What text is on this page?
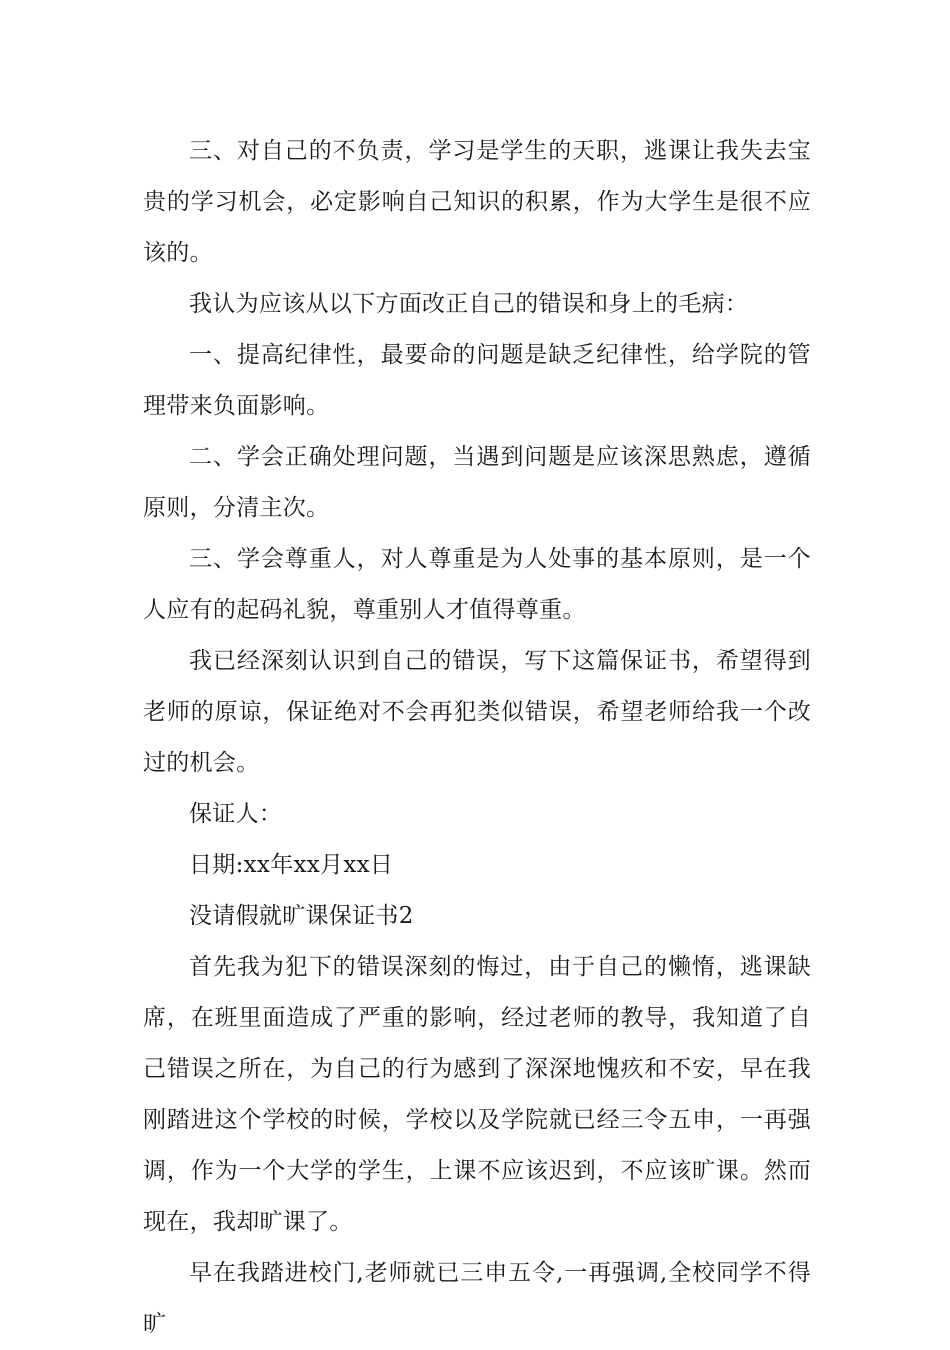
三、对自己的不负责，学习是学生的天职，逃课让我失去宝贵的学习机会，必定影响自己知识的积累，作为大学生是很不应该的。

我认为应该从以下方面改正自己的错误和身上的毛病：

一、提高纪律性，最要命的问题是缺乏纪律性，给学院的管理带来负面影响。

二、学会正确处理问题，当遇到问题是应该深思熟虑，遵循原则，分清主次。

三、学会尊重人，对人尊重是为人处事的基本原则，是一个人应有的起码礼貌，尊重别人才值得尊重。

我已经深刻认识到自己的错误，写下这篇保证书，希望得到老师的原谅，保证绝对不会再犯类似错误，希望老师给我一个改过的机会。

保证人：

日期:xx年xx月xx日

没请假就旷课保证书2

首先我为犯下的错误深刻的悔过，由于自己的懒惰，逃课缺席，在班里面造成了严重的影响，经过老师的教导，我知道了自己错误之所在，为自己的行为感到了深深地愧疚和不安，早在我刚踏进这个学校的时候，学校以及学院就已经三令五申，一再强调，作为一个大学的学生，上课不应该迟到，不应该旷课。然而现在，我却旷课了。

早在我踏进校门,老师就已三申五令,一再强调,全校同学不得旷
